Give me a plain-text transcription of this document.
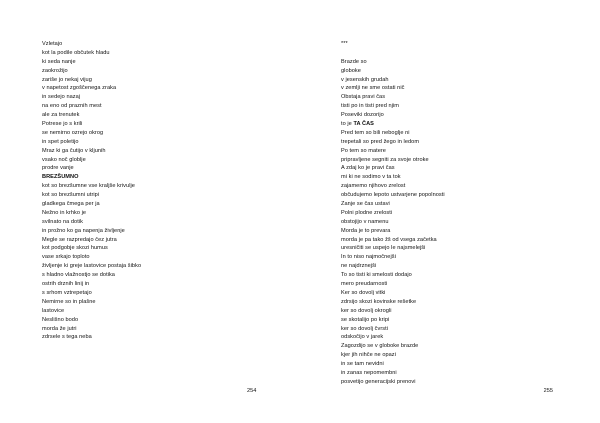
Vzletajo
kot la podile občutek hladu
ki seda nanje
zaokrožijo
zariše jo nekaj vijug
v napetost zgoščenega zraka
in sedejo nazaj
na eno od praznih mest
ale za trenutek
Potrese jo s krili
se nemirno ozrejo okrog
in spet poletijo
Mraz ki ga čutijo v kljunih
vsako noč globlje
prodre vanje
BREZŠUMNO
kot so brezšumne vse kraljše krivulje
kot so brezšumni utripi
gladkega čmega per ja
Nežno in krhko je
svilnato na dotik
in prožno ko ga napenja življenje
Megle se razpredajo čez jutra
kot podgobje skozi humus
vase srkajo toploto
življenje ki greje lastovice postaja šibko
s hladno vlažnostjo se dotika
ostrih drznih linij in
s srhom vztrepetajo
Nemirne so in plašne
lastovice
Neslišno bodo
morda že jutri
zdrsele s tega neba
254
***
Brazde so
globoke
v jesenskih grudah
v zemlji ne sme ostati nič
Obstaja pravi čas
tisti po in tisti pred njim
Poseviki dozorijo
to je TA ČAS
Pred tem so bili neboglje ni
trepetali so pred žego in ledom
Po tem so matere
pripravljene segniti za svoje otroke
A zdaj ko je pravi čas
mi ki ne sodimo v ta tok
zajamemo njihovo zrelost
občudujemo lepoto ustvarjene popolnosti
Zanje se čas ustavi
Polni plodne zrelosti
obstojijo v namenu
Morda je to prevara
morda je pa tako žš od vsega začetka
uresničiti se uspejo le najsmelejši
In to niso najmočnejši
ne najdrznejši
To so tisti ki smelosti dodajo
mero preudarnosti
Ker so dovolj vitki
zdrsijo skozi kovinske rešetke
ker so dovolj okrogli
se skotalijo po kripi
ker so dovolj čvrsti
odskočijo v jarek
Zagozdijo se v globoke brazde
kjer jih nihče ne opazi
in se tam nevidni
in zanas nepomembni
posvetijo generacijski prenovi
255
